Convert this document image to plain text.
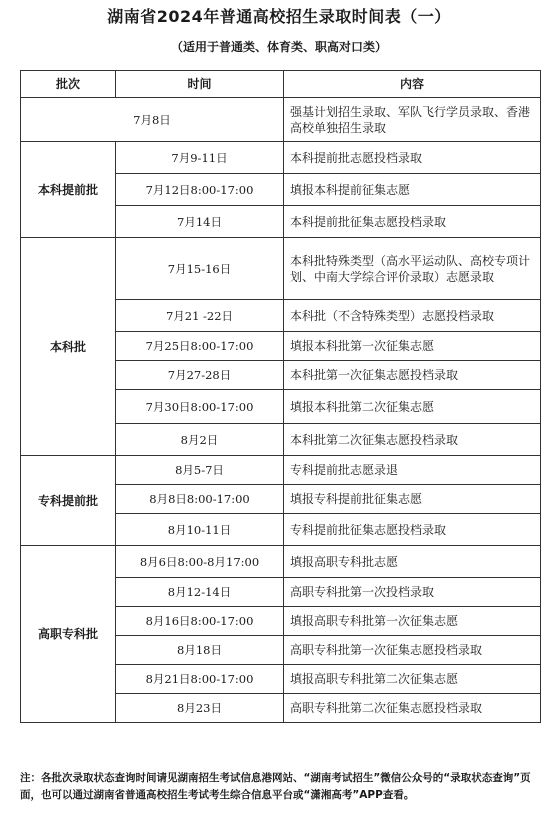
湖南省2024年普通高校招生录取时间表（一）
（适用于普通类、体育类、职高对口类）
批次	时间	内容
7月8日		强基计划招生录取、军队飞行学员录取、香港高校单独招生录取
本科提前批	7月9-11日	本科提前批志愿投档录取
	7月12日8:00-17:00	填报本科提前征集志愿
	7月14日	本科提前批征集志愿投档录取
本科批	7月15-16日	本科批特殊类型（高水平运动队、高校专项计划、中南大学综合评价录取）志愿录取
	7月21 -22日	本科批（不含特殊类型）志愿投档录取
	7月25日8:00-17:00	填报本科批第一次征集志愿
	7月27-28日	本科批第一次征集志愿投档录取
	7月30日8:00-17:00	填报本科批第二次征集志愿
	8月2日	本科批第二次征集志愿投档录取
专科提前批	8月5-7日	专科提前批志愿录退
	8月8日8:00-17:00	填报专科提前批征集志愿
	8月10-11日	专科提前批征集志愿投档录取
高职专科批	8月6日8:00-8月17:00	填报高职专科批志愿
	8月12-14日	高职专科批第一次投档录取
	8月16日8:00-17:00	填报高职专科批第一次征集志愿
	8月18日	高职专科批第一次征集志愿投档录取
	8月21日8:00-17:00	填报高职专科批第二次征集志愿
	8月23日	高职专科批第二次征集志愿投档录取
注：各批次录取状态查询时间请见湖南招生考试信息港网站、“湖南考试招生”微信公众号的“录取状态查询”页面，也可以通过湖南省普通高校招生考试考生综合信息平台或“潇湘高考”APP查看。
